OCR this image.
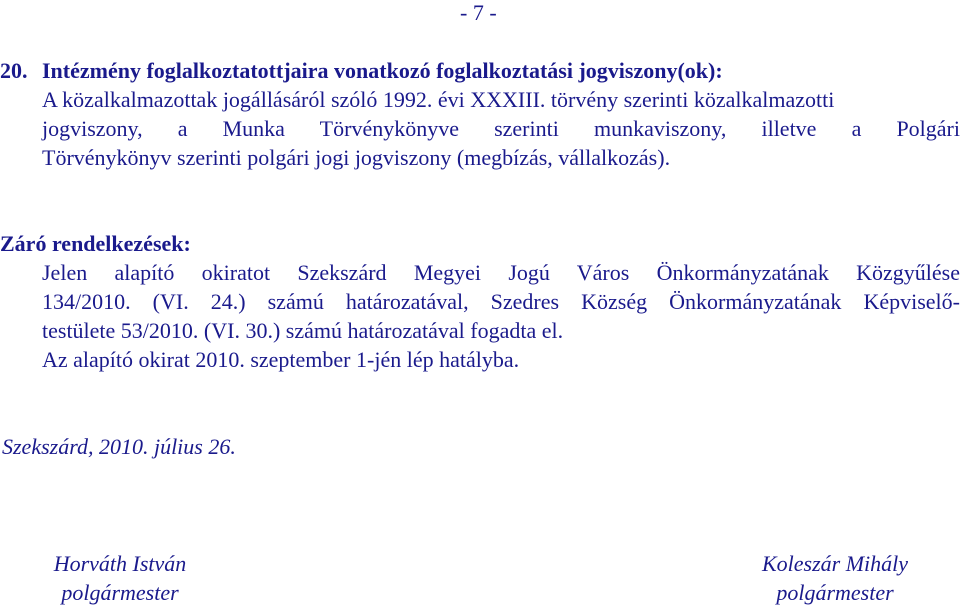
- 7 -
20. Intézmény foglalkoztatottjaira vonatkozó foglalkoztatási jogviszony(ok):
A közalkalmazottak jogállásáról szóló 1992. évi XXXIII. törvény szerinti közalkalmazotti
jogviszony, a Munka Törvénykönyve szerinti munkaviszony, illetve a Polgári
Törvénykönyv szerinti polgári jogi jogviszony (megbízás, vállalkozás).
Záró rendelkezések:
Jelen alapító okiratot Szekszárd Megyei Jogú Város Önkormányzatának Közgyűlése
134/2010. (VI. 24.) számú határozatával, Szedres Község Önkormányzatának Képviselő-
testülete 53/2010. (VI. 30.) számú határozatával fogadta el.
Az alapító okirat 2010. szeptember 1-jén lép hatályba.
Szekszárd, 2010. július 26.
Horváth István
polgármester
Koleszár Mihály
polgármester
